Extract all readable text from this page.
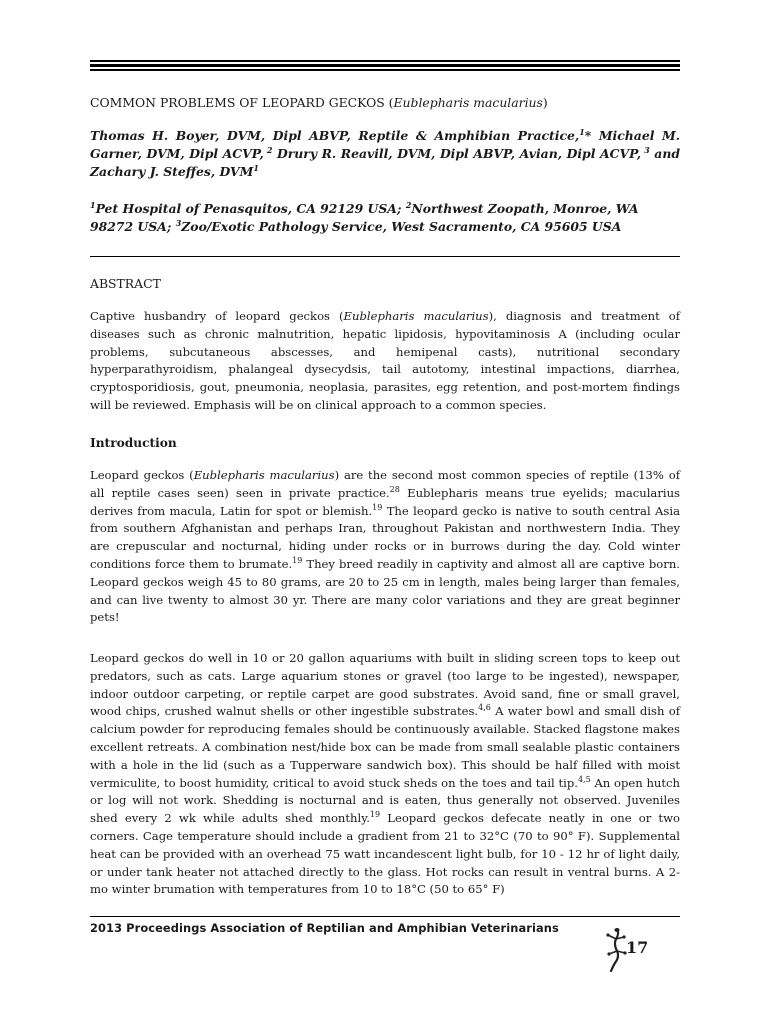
COMMON PROBLEMS OF LEOPARD GECKOS (Eublepharis macularius)
Thomas H. Boyer, DVM, Dipl ABVP, Reptile & Amphibian Practice,$^1$* Michael M. Garner, DVM, Dipl ACVP, $^2$ Drury R. Reavill, DVM, Dipl ABVP, Avian, Dipl ACVP, $^3$ and Zachary J. Steffes, DVM$^1$
$^1$Pet Hospital of Penasquitos, CA 92129 USA; $^2$Northwest Zoopath, Monroe, WA 98272 USA; $^3$Zoo/Exotic Pathology Service, West Sacramento, CA 95605 USA
ABSTRACT
Captive husbandry of leopard geckos (Eublepharis macularius), diagnosis and treatment of diseases such as chronic malnutrition, hepatic lipidosis, hypovitaminosis A (including ocular problems, subcutaneous abscesses, and hemipenal casts), nutritional secondary hyperparathyroidism, phalangeal dysecydsis, tail autotomy, intestinal impactions, diarrhea, cryptosporidiosis, gout, pneumonia, neoplasia, parasites, egg retention, and post-mortem findings will be reviewed. Emphasis will be on clinical approach to a common species.
Introduction
Leopard geckos (Eublepharis macularius) are the second most common species of reptile (13% of all reptile cases seen) seen in private practice.$^{28}$ Eublepharis means true eyelids; macularius derives from macula, Latin for spot or blemish.$^{19}$ The leopard gecko is native to south central Asia from southern Afghanistan and perhaps Iran, throughout Pakistan and northwestern India. They are crepuscular and nocturnal, hiding under rocks or in burrows during the day. Cold winter conditions force them to brumate.$^{19}$ They breed readily in captivity and almost all are captive born. Leopard geckos weigh 45 to 80 grams, are 20 to 25 cm in length, males being larger than females, and can live twenty to almost 30 yr. There are many color variations and they are great beginner pets!
Leopard geckos do well in 10 or 20 gallon aquariums with built in sliding screen tops to keep out predators, such as cats. Large aquarium stones or gravel (too large to be ingested), newspaper, indoor outdoor carpeting, or reptile carpet are good substrates. Avoid sand, fine or small gravel, wood chips, crushed walnut shells or other ingestible substrates.$^{4,6}$ A water bowl and small dish of calcium powder for reproducing females should be continuously available. Stacked flagstone makes excellent retreats. A combination nest/hide box can be made from small sealable plastic containers with a hole in the lid (such as a Tupperware sandwich box). This should be half filled with moist vermiculite, to boost humidity, critical to avoid stuck sheds on the toes and tail tip.$^{4,5}$ An open hutch or log will not work. Shedding is nocturnal and is eaten, thus generally not observed. Juveniles shed every 2 wk while adults shed monthly.$^{19}$ Leopard geckos defecate neatly in one or two corners. Cage temperature should include a gradient from 21 to 32°C (70 to 90° F). Supplemental heat can be provided with an overhead 75 watt incandescent light bulb, for 10 - 12 hr of light daily, or under tank heater not attached directly to the glass. Hot rocks can result in ventral burns. A 2-mo winter brumation with temperatures from 10 to 18°C (50 to 65° F)
2013 Proceedings Association of Reptilian and Amphibian Veterinarians
17
